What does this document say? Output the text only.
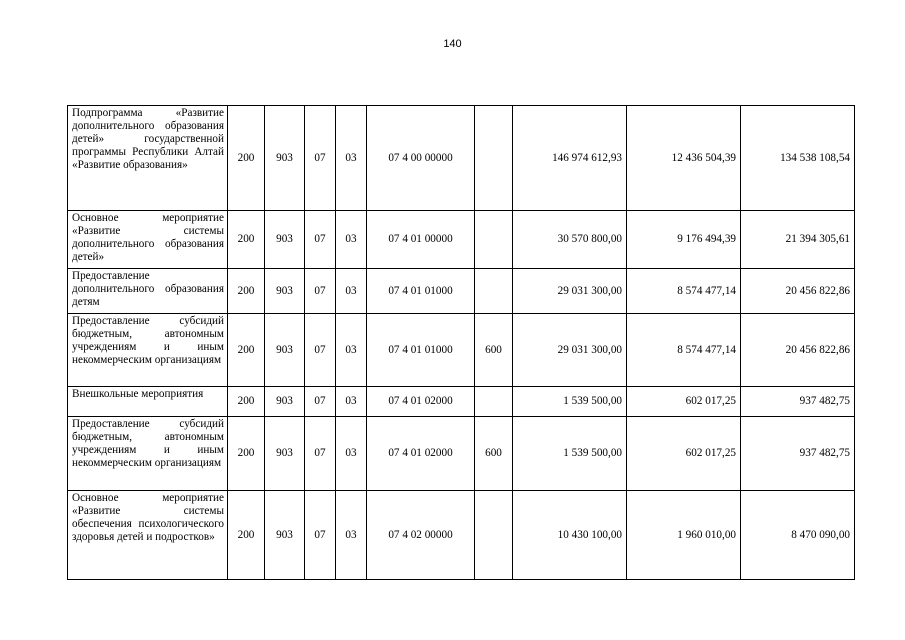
140
Подпрограмма «Развитие дополнительного образования детей» государственной программы Республики Алтай «Развитие образования»	200	903	07	03	07 4 00 00000		146 974 612,93	12 436 504,39	134 538 108,54
Основное мероприятие «Развитие системы дополнительного образования детей»	200	903	07	03	07 4 01 00000		30 570 800,00	9 176 494,39	21 394 305,61
Предоставление дополнительного образования детям	200	903	07	03	07 4 01 01000		29 031 300,00	8 574 477,14	20 456 822,86
Предоставление субсидий бюджетным, автономным учреждениям и иным некоммерческим организациям	200	903	07	03	07 4 01 01000	600	29 031 300,00	8 574 477,14	20 456 822,86
Внешкольные мероприятия	200	903	07	03	07 4 01 02000		1 539 500,00	602 017,25	937 482,75
Предоставление субсидий бюджетным, автономным учреждениям и иным некоммерческим организациям	200	903	07	03	07 4 01 02000	600	1 539 500,00	602 017,25	937 482,75
Основное мероприятие «Развитие системы обеспечения психологического здоровья детей и подростков»	200	903	07	03	07 4 02 00000		10 430 100,00	1 960 010,00	8 470 090,00
